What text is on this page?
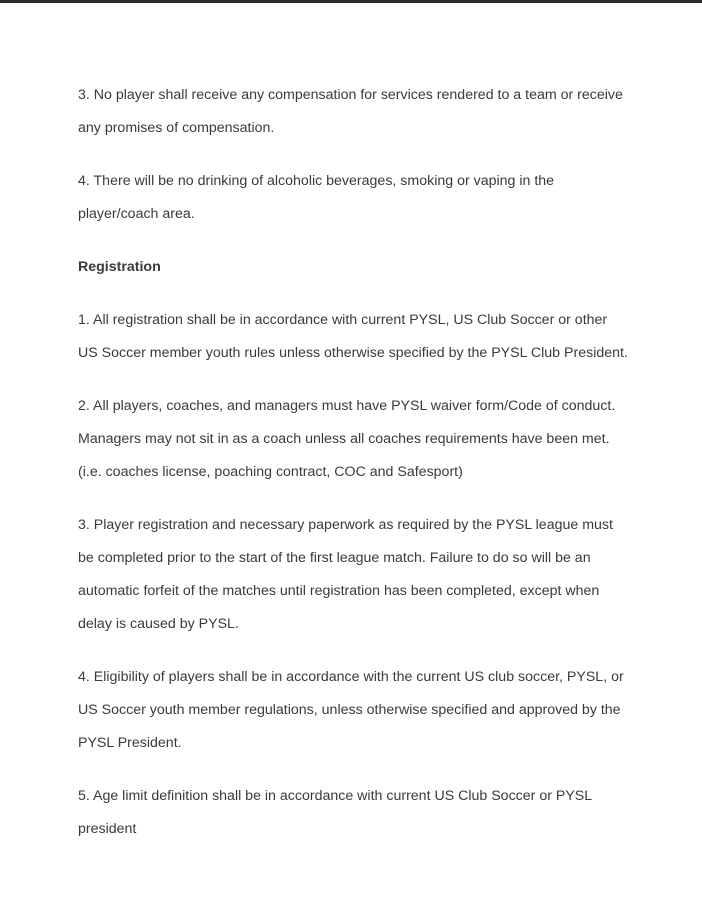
3. No player shall receive any compensation for services rendered to a team or receive
any promises of compensation.
4. There will be no drinking of alcoholic beverages, smoking or vaping in the
player/coach area.
Registration
1. All registration shall be in accordance with current PYSL, US Club Soccer or other
US Soccer member youth rules unless otherwise specified by the PYSL Club President.
2. All players, coaches, and managers must have PYSL waiver form/Code of conduct.
Managers may not sit in as a coach unless all coaches requirements have been met.
(i.e. coaches license, poaching contract, COC and Safesport)
3. Player registration and necessary paperwork as required by the PYSL league must
be completed prior to the start of the first league match. Failure to do so will be an
automatic forfeit of the matches until registration has been completed, except when
delay is caused by PYSL.
4. Eligibility of players shall be in accordance with the current US club soccer, PYSL, or
US Soccer youth member regulations, unless otherwise specified and approved by the
PYSL President.
5. Age limit definition shall be in accordance with current US Club Soccer or PYSL
president
